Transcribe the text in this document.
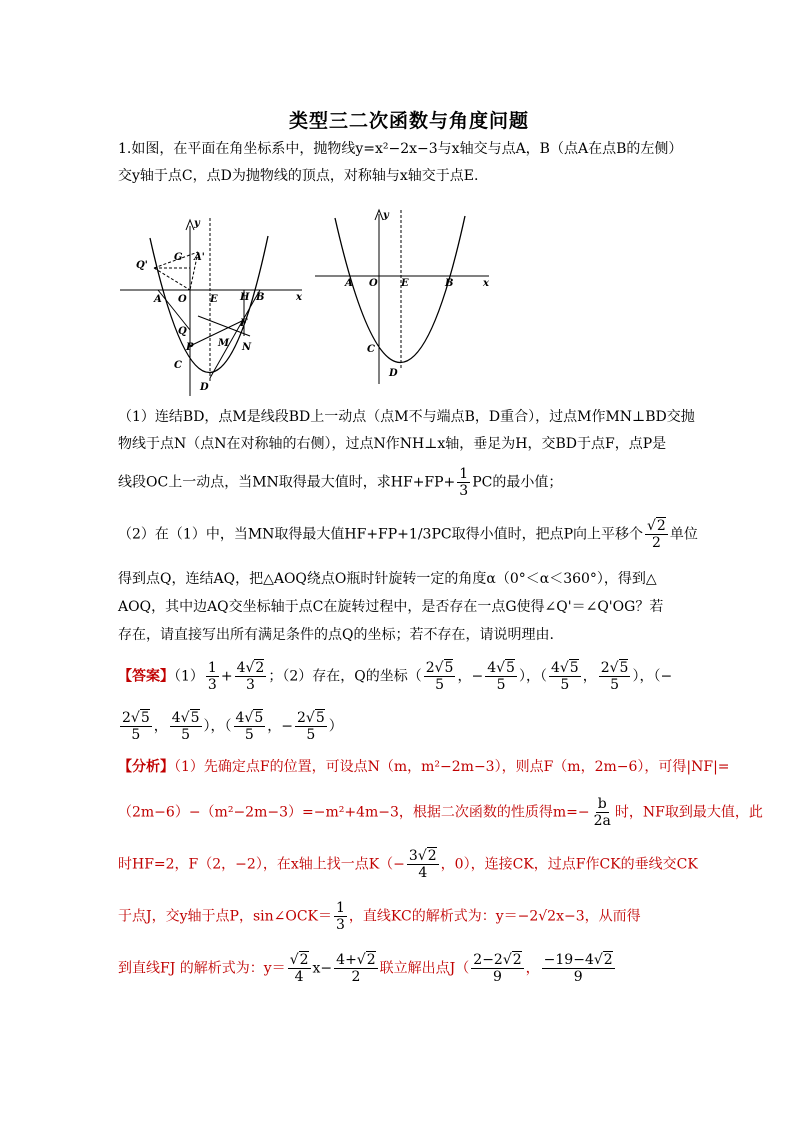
类型三二次函数与角度问题
1.如图，在平面在角坐标系中，抛物线y=x²−2x−3与x轴交与点A，B（点A在点B的左侧）
交y轴于点C，点D为抛物线的顶点，对称轴与x轴交于点E.
y
x
Q'
G A'
A O E H B
Q
P M
F
N
C
D
y
x
A O E	B
C
D
（1）连结BD，点M是线段BD上一动点（点M不与端点B，D重合），过点M作MN⊥BD交抛
物线于点N（点N在对称轴的右侧），过点N作NH⊥x轴，垂足为H，交BD于点F，点P是
线段OC上一动点，当MN取得最大值时，求$HF+FP+ \frac{1}{3}$ PC的最小值；
（2）在（1）中，当MN取得最大值HF+FP+1/3PC取得小值时，把点P向上平移个 $\frac{√2}{2}$ 单位
得到点Q，连结AQ，把△AOQ绕点O瓶时针旋转一定的角度α（0°＜α＜360°），得到△
AOQ，其中边AQ交坐标轴于点C在旋转过程中，是否存在一点G使得∠Q'＝∠Q'OG？若
存在，请直接写出所有满足条件的点Q的坐标；若不存在，请说明理由.
【答案】$(1) \frac{1}{3} + \frac{4√2}{3}$ ；（2）存在，Q的坐标（ $\frac{2√5}{5}$ ，− $\frac{4√5}{5}$ ），（ $\frac{4√5}{5}$ ， $\frac{2√5}{5}$ ），（−
$\frac{2√5}{5}$ ， $\frac{4√5}{5}$ ），（ $\frac{4√5}{5}$ ，− $\frac{2√5}{5}$ ）
【分析】（1）先确定点F的位置，可设点N（m，m²−2m−3），则点F（m，2m−6），可得|NF|=
（2m−6）−（m²−2m−3）=−m²+4m−3，根据二次函数的性质得$m=- \frac{b}{2a}$ 时，NF取到最大值，此
时HF=2，F（2，−2），在x轴上找一点$K(- \frac{3√2}{4}$ ，0），连接CK，过点F作CK的垂线交CK
于点J，交y轴于点P，sin∠OCK＝ $\frac{1}{3}$ ，直线KC的解析式为：y＝−2√2x−3，从而得
到直线FJ 的解析式为：$y= \frac{√2}{4} x- \frac{4+√2}{2}$ 联立解出点$J( \frac{2-2√2}{9}$ ， $\frac{-19-4√2}{9}$
